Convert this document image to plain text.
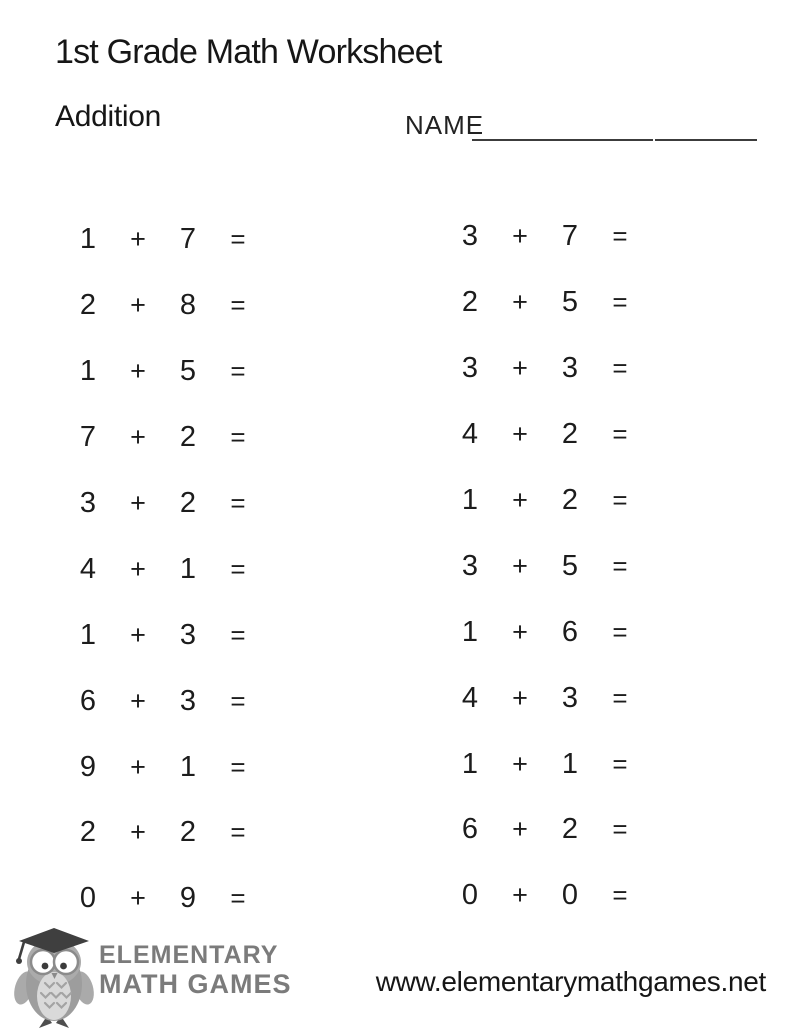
1st Grade Math Worksheet
Addition	NAME
1	+	7	=
2	+	8	=
1	+	5	=
7	+	2	=
3	+	2	=
4	+	1	=
1	+	3	=
6	+	3	=
9	+	1	=
2	+	2	=
0	+	9	=
3	+	7	=
2	+	5	=
3	+	3	=
4	+	2	=
1	+	2	=
3	+	5	=
1	+	6	=
4	+	3	=
1	+	1	=
6	+	2	=
0	+	0	=
ELEMENTARY
MATH GAMES	www.elementarymathgames.net
